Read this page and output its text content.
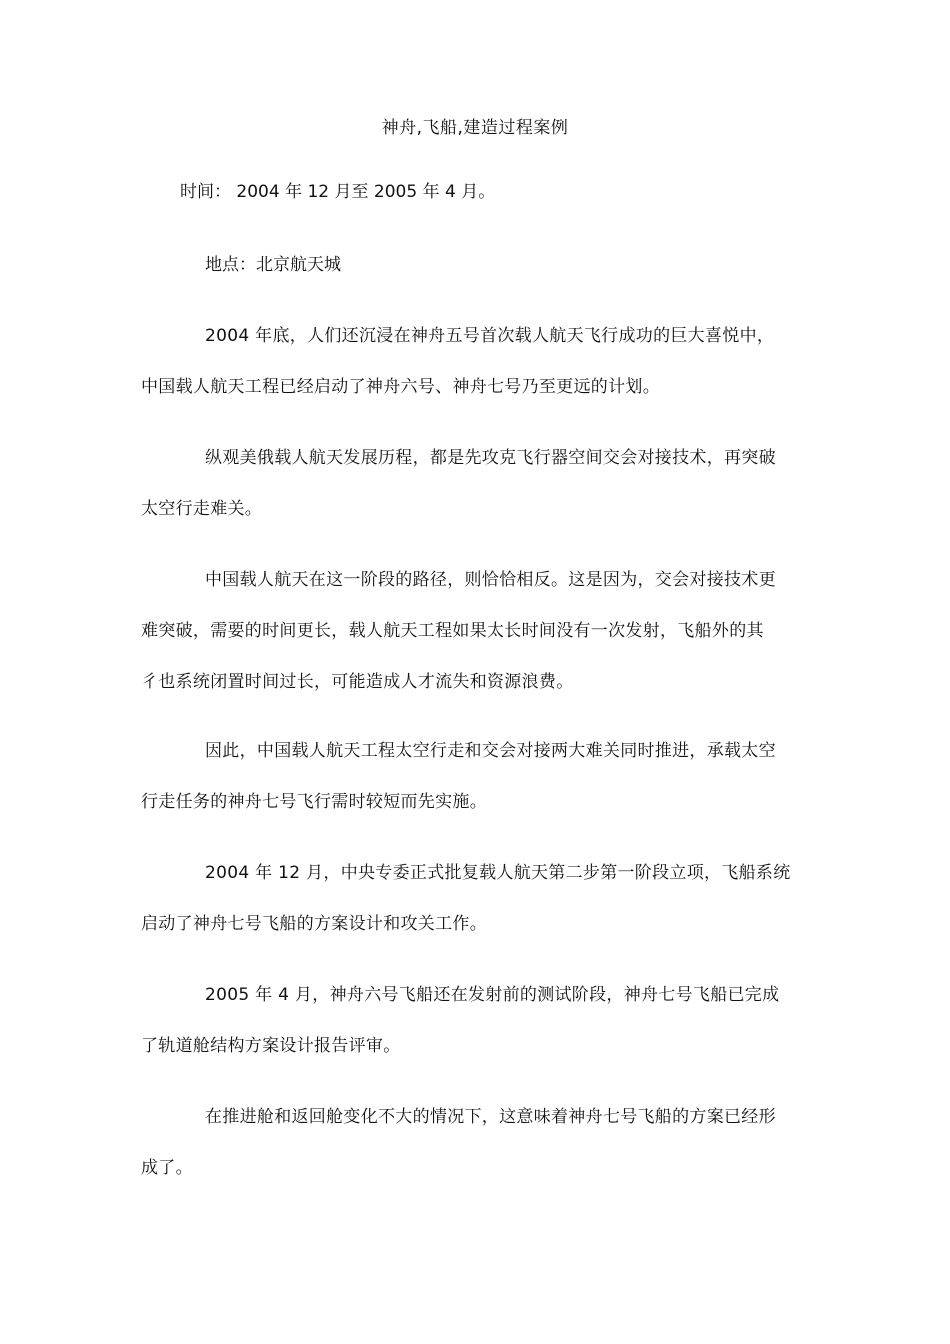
神舟,飞船,建造过程案例
时间： 2004 年 12 月至 2005 年 4 月。
地点：北京航天城
2004 年底，人们还沉浸在神舟五号首次载人航天飞行成功的巨大喜悦中，
中国载人航天工程已经启动了神舟六号、神舟七号乃至更远的计划。
纵观美俄载人航天发展历程，都是先攻克飞行器空间交会对接技术，再突破
太空行走难关。
中国载人航天在这一阶段的路径，则恰恰相反。这是因为，交会对接技术更
难突破，需要的时间更长，载人航天工程如果太长时间没有一次发射，飞船外的其
彳也系统闭置时间过长，可能造成人才流失和资源浪费。
因此，中国载人航天工程太空行走和交会对接两大难关同时推进，承载太空
行走任务的神舟七号飞行需时较短而先实施。
2004 年 12 月，中央专委正式批复载人航天第二步第一阶段立项，飞船系统
启动了神舟七号飞船的方案设计和攻关工作。
2005 年 4 月，神舟六号飞船还在发射前的测试阶段，神舟七号飞船已完成
了轨道舱结构方案设计报告评审。
在推进舱和返回舱变化不大的情况下，这意味着神舟七号飞船的方案已经形
成了。
